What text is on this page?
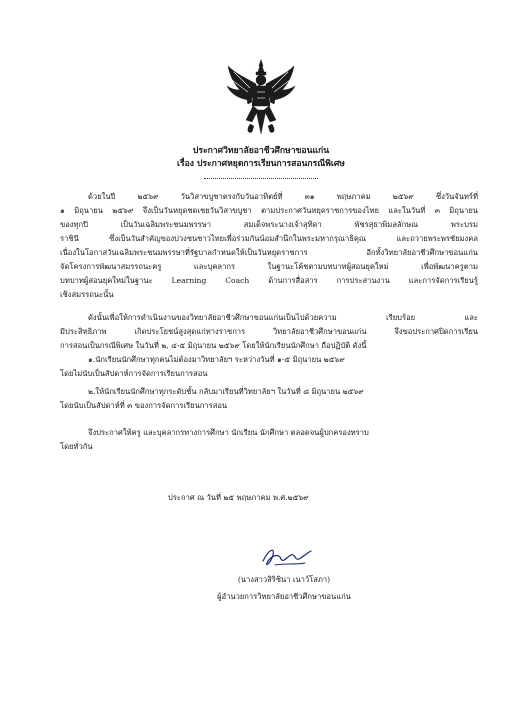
ประกาศวิทยาลัยอาชีวศึกษาขอนแก่น
เรื่อง ประกาศหยุดการเรียนการสอนกรณีพิเศษ
ด้วยในปี ๒๕๖๙ วันวิสาขบูชาตรงกับวันอาทิตย์ที่ ๓๑ พฤษภาคม ๒๕๖๙ ซึ่งวันจันทร์ที่
๑ มิถุนายน ๒๕๖๙ จึงเป็นวันหยุดชดเชยวันวิสาขบูชา ตามประกาศวันหยุดราชการของไทย และในวันที่ ๓ มิถุนายน
ของทุกปี เป็นวันเฉลิมพระชนมพรรษา สมเด็จพระนางเจ้าสุทิดา พัชรสุธาพิมลลักษณ พระบรม
ราชินี ซึ่งเป็นวันสำคัญของปวงชนชาวไทยเพื่อร่วมกันน้อมสำนึกในพระมหากรุณาธิคุณ และถวายพระพรชัยมงคล
เนื่องในโอกาสวันเฉลิมพระชนมพรรษาที่รัฐบาลกำหนดให้เป็นวันหยุดราชการ อีกทั้งวิทยาลัยอาชีวศึกษาขอนแก่น
จัดโครงการพัฒนาสมรรถนะครู และบุคลากร ในฐานะโค้ชตามบทบาทผู้สอนยุคใหม่ เพื่อพัฒนาครูตาม
บทบาทผู้สอนยุคใหม่ในฐานะ Learning Coach ด้านการสื่อสาร การประสานงาน และการจัดการเรียนรู้
เชิงสมรรถนะนั้น
ดังนั้นเพื่อให้การดำเนินงานของวิทยาลัยอาชีวศึกษาขอนแก่นเป็นไปด้วยความ เรียบร้อย และ
มีประสิทธิภาพ เกิดประโยชน์สูงสุดแก่ทางราชการ วิทยาลัยอาชีวศึกษาขอนแก่น จึงขอประกาศปิดการเรียน
การสอนเป็นกรณีพิเศษ ในวันที่ ๒, ๔-๕ มิถุนายน ๒๕๖๙ โดยให้นักเรียนนักศึกษา ถือปฏิบัติ ดังนี้
๑.นักเรียนนักศึกษาทุกคนไม่ต้องมาวิทยาลัยฯ ระหว่างวันที่ ๑-๕ มิถุนายน ๒๕๖๙
โดยไม่นับเป็นสัปดาห์การจัดการเรียนการสอน
๒.ให้นักเรียนนักศึกษาทุกระดับชั้น กลับมาเรียนที่วิทยาลัยฯ ในวันที่ ๘ มิถุนายน ๒๕๖๙
โดยนับเป็นสัปดาห์ที่ ๓ ของการจัดการเรียนการสอน
จึงประกาศให้ครู และบุคลากรทางการศึกษา นักเรียน นักศึกษา ตลอดจนผู้ปกครองทราบ
โดยทั่วกัน
ประกาศ ณ วันที่ ๒๕ พฤษภาคม พ.ศ.๒๕๖๙
(นางสาวสิริชินา เนาว์โสภา)
ผู้อำนวยการวิทยาลัยอาชีวศึกษาขอนแก่น
